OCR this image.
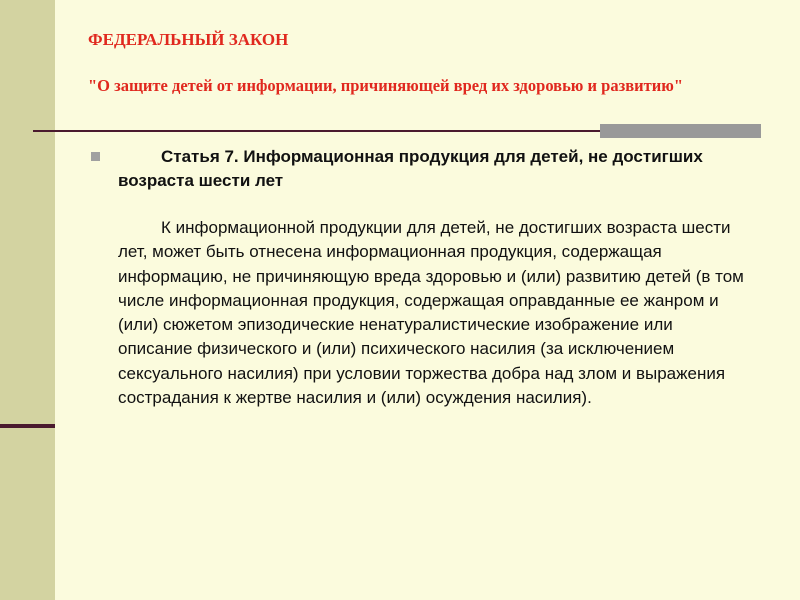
ФЕДЕРАЛЬНЫЙ ЗАКОН

"О защите детей от информации, причиняющей вред их здоровью и развитию"

Статья 7. Информационная продукция для детей, не достигших возраста шести лет

К информационной продукции для детей, не достигших возраста шести лет, может быть отнесена информационная продукция, содержащая информацию, не причиняющую вреда здоровью и (или) развитию детей (в том числе информационная продукция, содержащая оправданные ее жанром и (или) сюжетом эпизодические ненатуралистические изображение или описание физического и (или) психического насилия (за исключением сексуального насилия) при условии торжества добра над злом и выражения сострадания к жертве насилия и (или) осуждения насилия).
